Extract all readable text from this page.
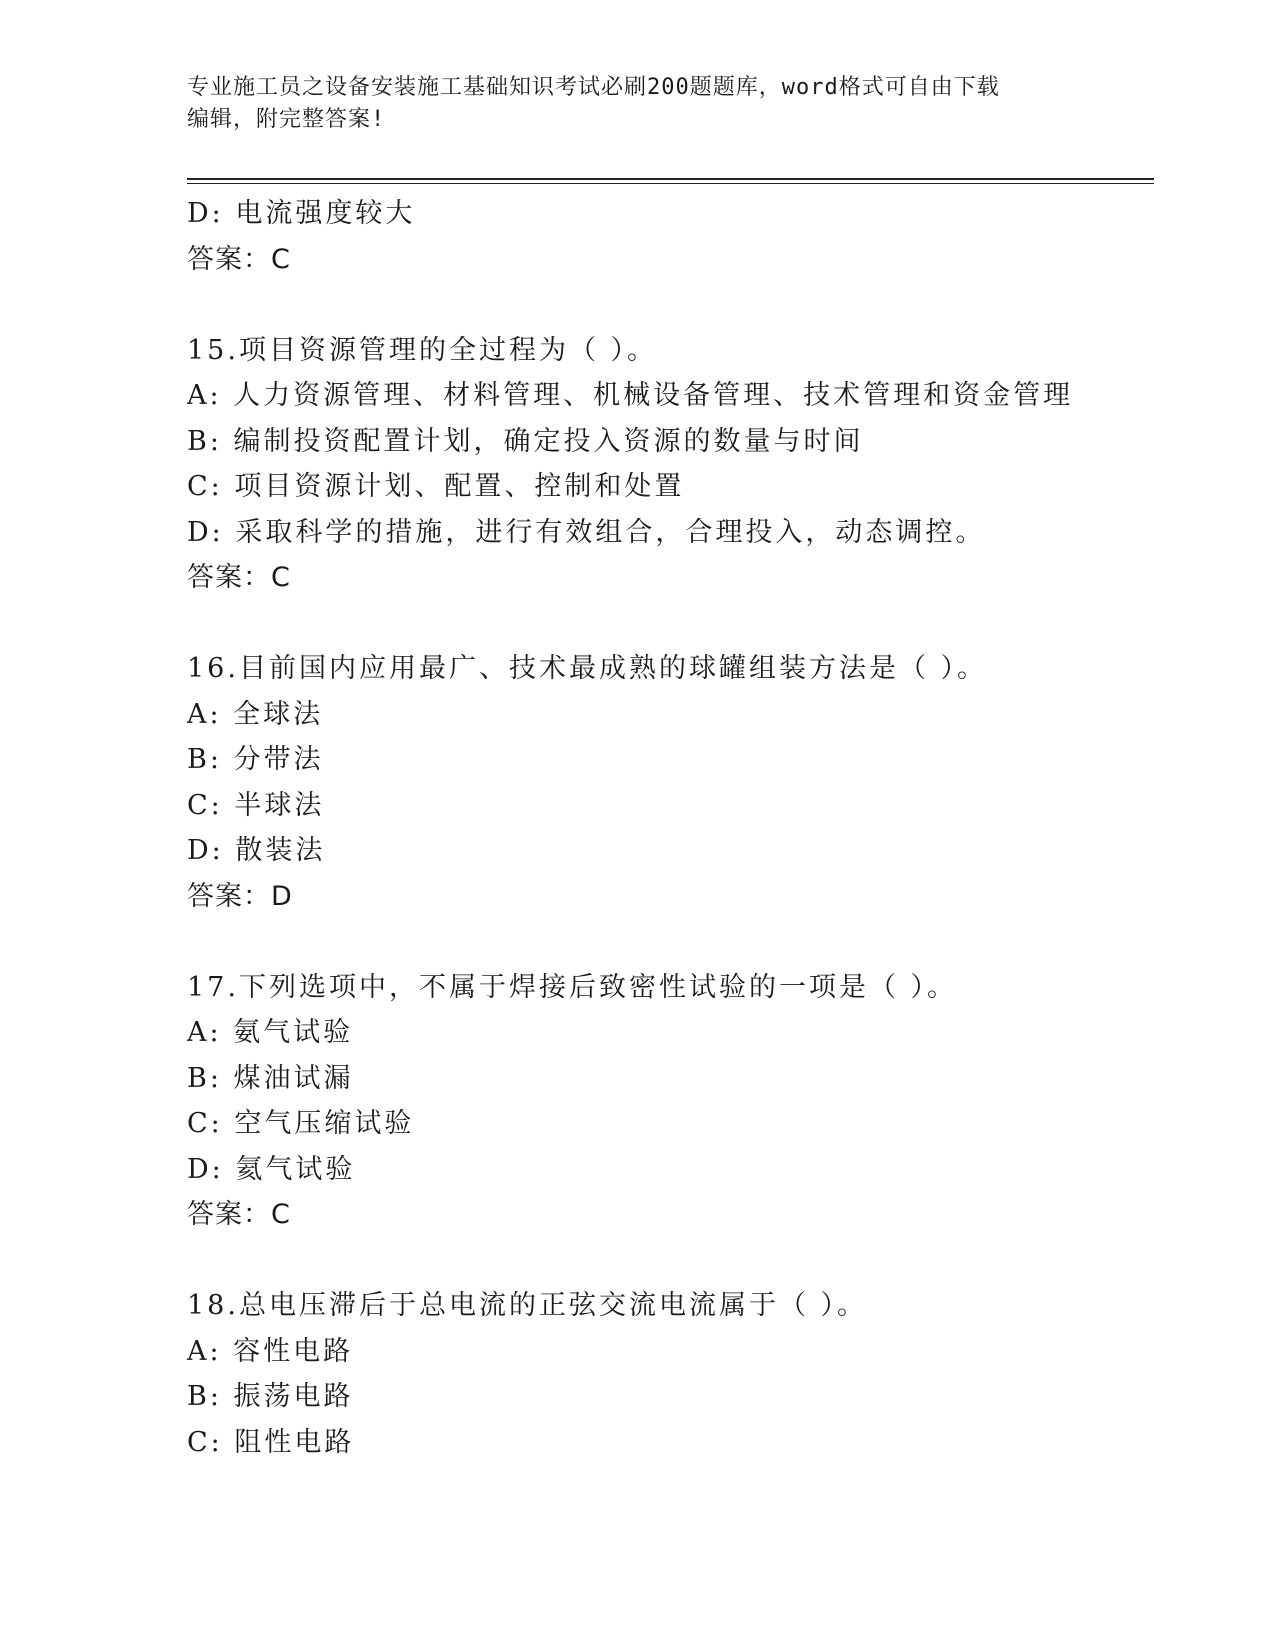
专业施工员之设备安装施工基础知识考试必刷200题题库，word格式可自由下载
编辑，附完整答案!
D: 电流强度较大
答案：C
15.项目资源管理的全过程为（ ）。
A: 人力资源管理、材料管理、机械设备管理、技术管理和资金管理
B: 编制投资配置计划，确定投入资源的数量与时间
C: 项目资源计划、配置、控制和处置
D: 采取科学的措施，进行有效组合，合理投入，动态调控。
答案：C
16.目前国内应用最广、技术最成熟的球罐组装方法是（ ）。
A: 全球法
B: 分带法
C: 半球法
D: 散装法
答案：D
17.下列选项中，不属于焊接后致密性试验的一项是（ ）。
A: 氨气试验
B: 煤油试漏
C: 空气压缩试验
D: 氦气试验
答案：C
18.总电压滞后于总电流的正弦交流电流属于（ ）。
A: 容性电路
B: 振荡电路
C: 阻性电路
